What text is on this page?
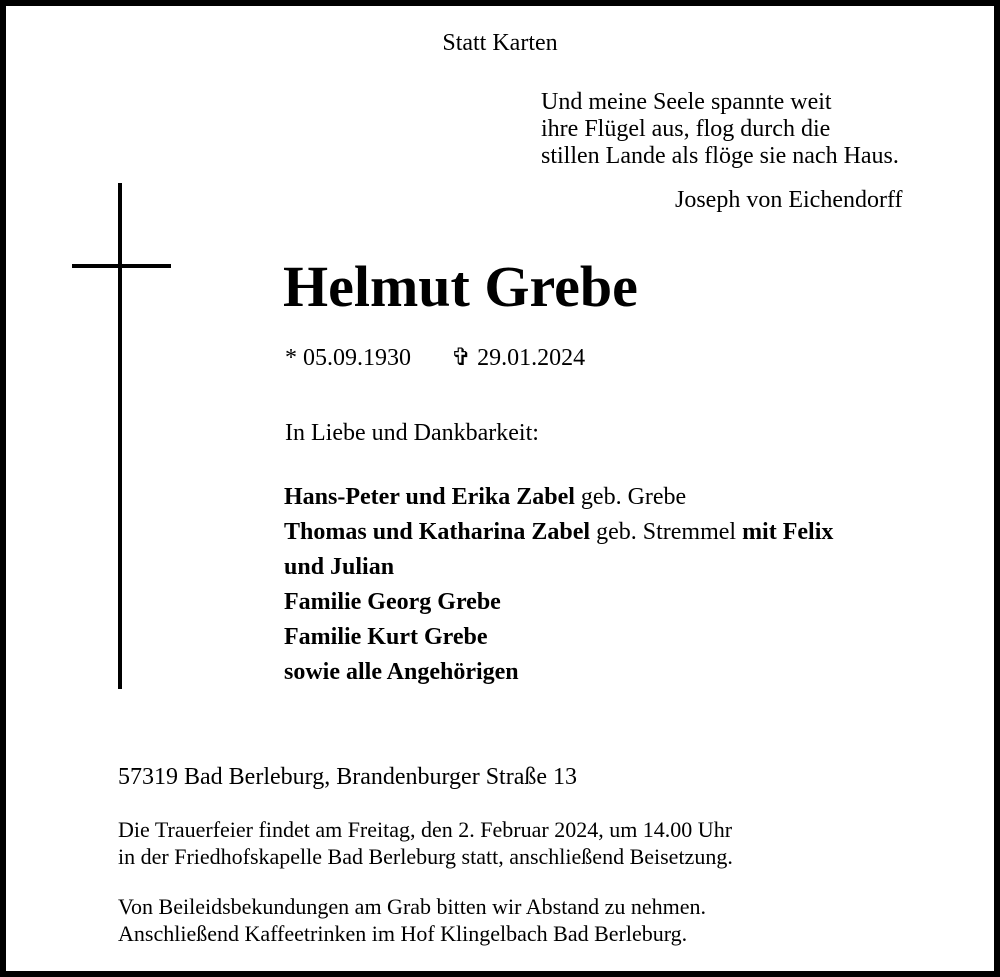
Statt Karten
Und meine Seele spannte weit
ihre Flügel aus, flog durch die
stillen Lande als flöge sie nach Haus.
Joseph von Eichendorff
Helmut Grebe
* 05.09.1930 ✞ 29.01.2024
In Liebe und Dankbarkeit:
Hans-Peter und Erika Zabel geb. Grebe
Thomas und Katharina Zabel geb. Stremmel mit Felix
und Julian
Familie Georg Grebe
Familie Kurt Grebe
sowie alle Angehörigen
57319 Bad Berleburg, Brandenburger Straße 13
Die Trauerfeier findet am Freitag, den 2. Februar 2024, um 14.00 Uhr
in der Friedhofskapelle Bad Berleburg statt, anschließend Beisetzung.
Von Beileidsbekundungen am Grab bitten wir Abstand zu nehmen.
Anschließend Kaffeetrinken im Hof Klingelbach Bad Berleburg.
